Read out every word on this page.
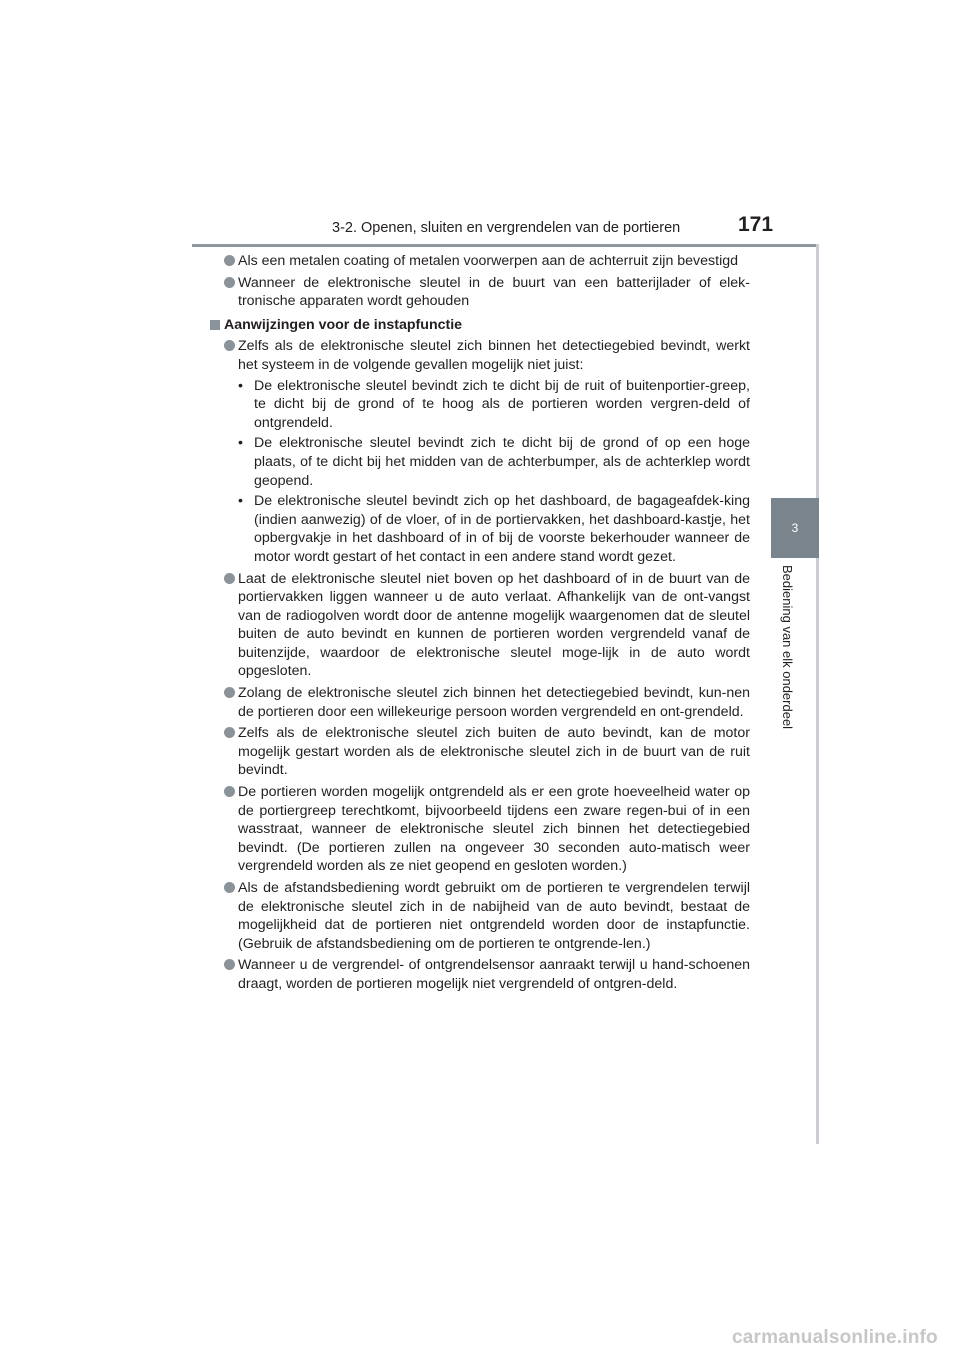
3-2. Openen, sluiten en vergrendelen van de portieren	171
3
Bediening van elk onderdeel
Als een metalen coating of metalen voorwerpen aan de achterruit zijn bevestigd
Wanneer de elektronische sleutel in de buurt van een batterijlader of elek-tronische apparaten wordt gehouden
Aanwijzingen voor de instapfunctie
Zelfs als de elektronische sleutel zich binnen het detectiegebied bevindt, werkt het systeem in de volgende gevallen mogelijk niet juist:
• De elektronische sleutel bevindt zich te dicht bij de ruit of buitenportier-greep, te dicht bij de grond of te hoog als de portieren worden vergren-deld of ontgrendeld.
• De elektronische sleutel bevindt zich te dicht bij de grond of op een hoge plaats, of te dicht bij het midden van de achterbumper, als de achterklep wordt geopend.
• De elektronische sleutel bevindt zich op het dashboard, de bagageafdek-king (indien aanwezig) of de vloer, of in de portiervakken, het dashboard-kastje, het opbergvakje in het dashboard of in of bij de voorste bekerhouder wanneer de motor wordt gestart of het contact in een andere stand wordt gezet.
Laat de elektronische sleutel niet boven op het dashboard of in de buurt van de portiervakken liggen wanneer u de auto verlaat. Afhankelijk van de ont-vangst van de radiogolven wordt door de antenne mogelijk waargenomen dat de sleutel buiten de auto bevindt en kunnen de portieren worden vergrendeld vanaf de buitenzijde, waardoor de elektronische sleutel moge-lijk in de auto wordt opgesloten.
Zolang de elektronische sleutel zich binnen het detectiegebied bevindt, kun-nen de portieren door een willekeurige persoon worden vergrendeld en ont-grendeld.
Zelfs als de elektronische sleutel zich buiten de auto bevindt, kan de motor mogelijk gestart worden als de elektronische sleutel zich in de buurt van de ruit bevindt.
De portieren worden mogelijk ontgrendeld als er een grote hoeveelheid water op de portiergreep terechtkomt, bijvoorbeeld tijdens een zware regen-bui of in een wasstraat, wanneer de elektronische sleutel zich binnen het detectiegebied bevindt. (De portieren zullen na ongeveer 30 seconden auto-matisch weer vergrendeld worden als ze niet geopend en gesloten worden.)
Als de afstandsbediening wordt gebruikt om de portieren te vergrendelen terwijl de elektronische sleutel zich in de nabijheid van de auto bevindt, bestaat de mogelijkheid dat de portieren niet ontgrendeld worden door de instapfunctie. (Gebruik de afstandsbediening om de portieren te ontgrende-len.)
Wanneer u de vergrendel- of ontgrendelsensor aanraakt terwijl u hand-schoenen draagt, worden de portieren mogelijk niet vergrendeld of ontgren-deld.
carmanualsonline.info
